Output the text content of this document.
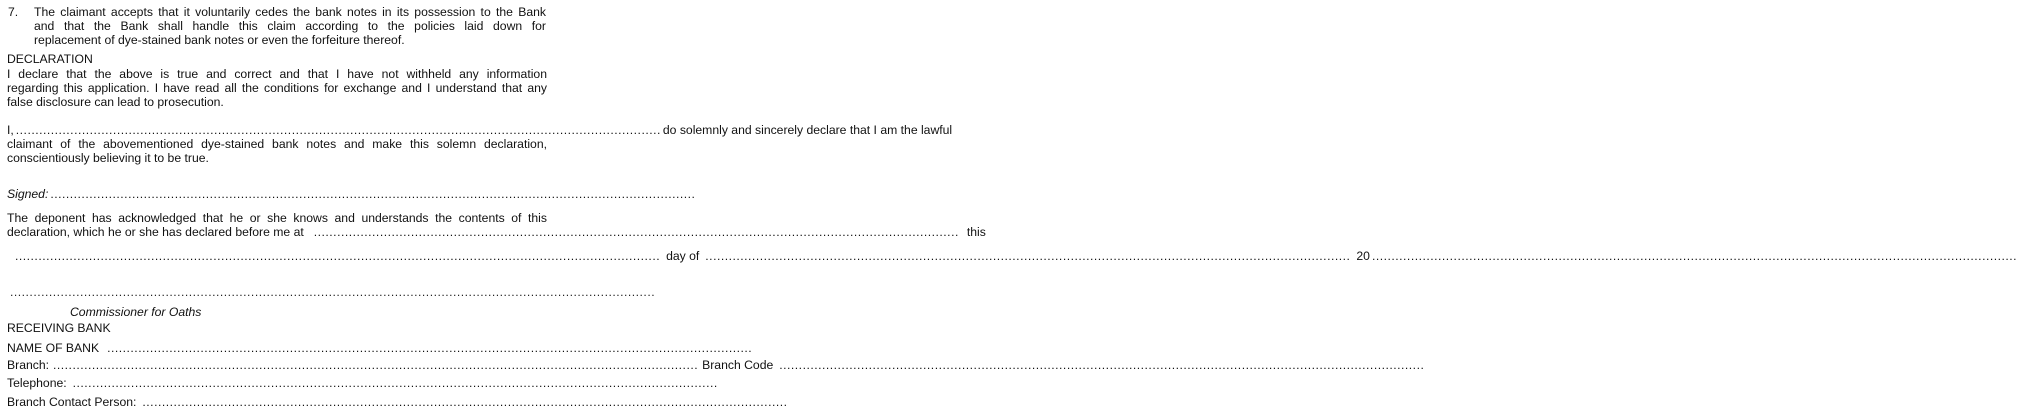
7. The claimant accepts that it voluntarily cedes the bank notes in its possession to the Bank
and that the Bank shall handle this claim according to the policies laid down for
replacement of dye-stained bank notes or even the forfeiture thereof.
DECLARATION
I declare that the above is true and correct and that I have not withheld any information
regarding this application. I have read all the conditions for exchange and I understand that any
false disclosure can lead to prosecution.
I, ...................................................................................................................................................................... do solemnly and sincerely declare that I am the lawful
claimant of the abovementioned dye-stained bank notes and make this solemn declaration,
conscientiously believing it to be true.
Signed: ......................................................................................................................................................................
The deponent has acknowledged that he or she knows and understands the contents of this
declaration, which he or she has declared before me at ...................................................................................................................................................................... this
...................................................................................................................................................................... day of ...................................................................................................................................................................... 20 ......................................................................................................................................................................
......................................................................................................................................................................
Commissioner for Oaths
RECEIVING BANK
NAME OF BANK ......................................................................................................................................................................
Branch: ...................................................................................................................................................................... Branch Code ......................................................................................................................................................................
Telephone: ......................................................................................................................................................................
Branch Contact Person: ......................................................................................................................................................................
